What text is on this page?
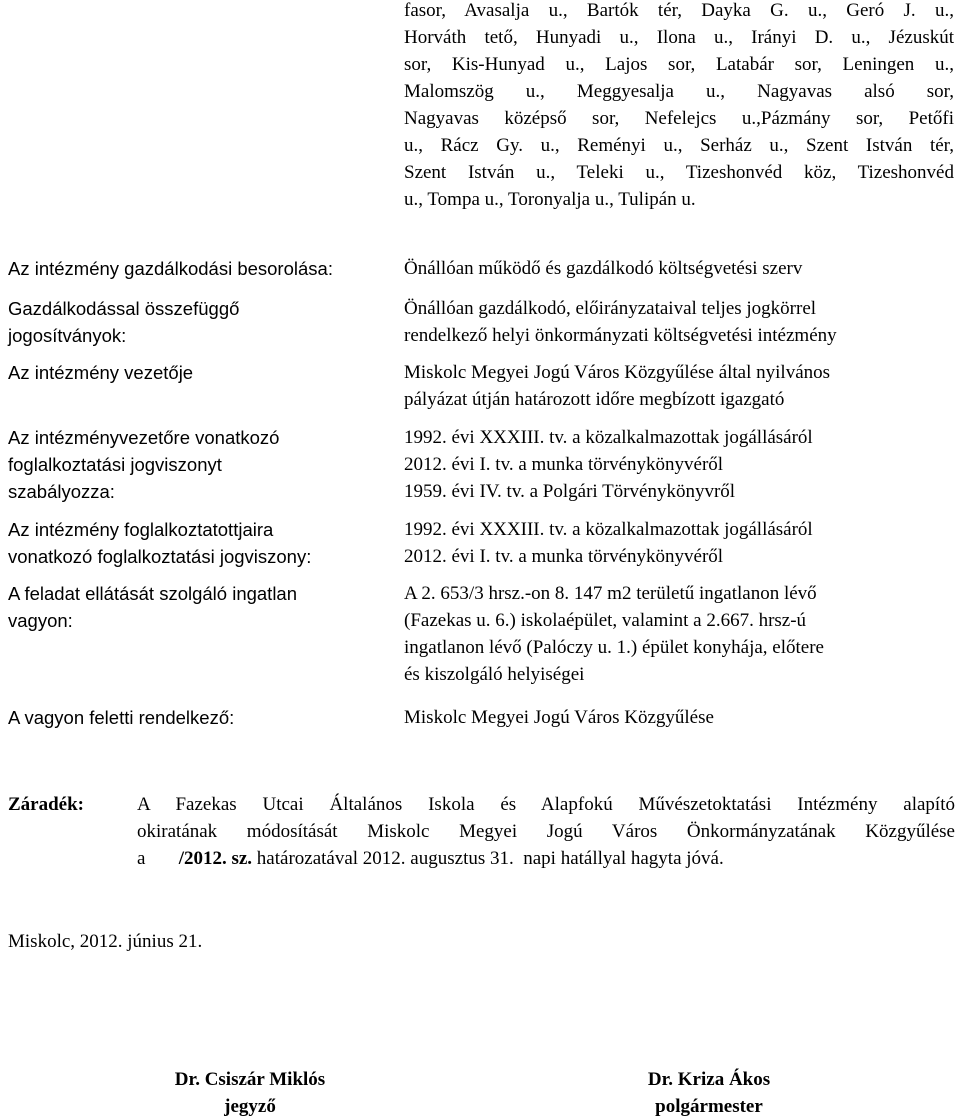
fasor, Avasalja u., Bartók tér, Dayka G. u., Geró J. u.,
Horváth tető, Hunyadi u., Ilona u., Irányi D. u., Jézuskút
sor, Kis-Hunyad u., Lajos sor, Latabár sor, Leningen u.,
Malomszög u., Meggyesalja u., Nagyavas alsó sor,
Nagyavas középső sor, Nefelejcs u.,Pázmány sor, Petőfi
u., Rácz Gy. u., Reményi u., Serház u., Szent István tér,
Szent István u., Teleki u., Tizeshonvéd köz, Tizeshonvéd
u., Tompa u., Toronyalja u., Tulipán u.
Az intézmény gazdálkodási besorolása:	Önállóan működő és gazdálkodó költségvetési szerv
Gazdálkodással összefüggő
jogosítványok:
Önállóan gazdálkodó, előirányzataival teljes jogkörrel
rendelkező helyi önkormányzati költségvetési intézmény
Az intézmény vezetője	Miskolc Megyei Jogú Város Közgyűlése által nyilvános
pályázat útján határozott időre megbízott igazgató
Az intézményvezetőre vonatkozó
foglalkoztatási jogviszonyt
szabályozza:
1992. évi XXXIII. tv. a közalkalmazottak jogállásáról
2012. évi I. tv. a munka törvénykönyvéről
1959. évi IV. tv. a Polgári Törvénykönyvről
Az intézmény foglalkoztatottjaira
vonatkozó foglalkoztatási jogviszony:
1992. évi XXXIII. tv. a közalkalmazottak jogállásáról
2012. évi I. tv. a munka törvénykönyvéről
A feladat ellátását szolgáló ingatlan
vagyon:
A 2. 653/3 hrsz.-on 8. 147 m2 területű ingatlanon lévő
(Fazekas u. 6.) iskolaépület, valamint a 2.667. hrsz-ú
ingatlanon lévő (Palóczy u. 1.) épület konyhája, előtere
és kiszolgáló helyiségei
A vagyon feletti rendelkező:	Miskolc Megyei Jogú Város Közgyűlése
Záradék:	A Fazekas Utcai Általános Iskola és Alapfokú Művészetoktatási Intézmény alapító
okiratának módosítását Miskolc Megyei Jogú Város Önkormányzatának Közgyűlése
a       /2012. sz. határozatával 2012. augusztus 31.  napi hatállyal hagyta jóvá.
Miskolc, 2012. június 21.
Dr. Csiszár Miklós
jegyző
Dr. Kriza Ákos
polgármester
